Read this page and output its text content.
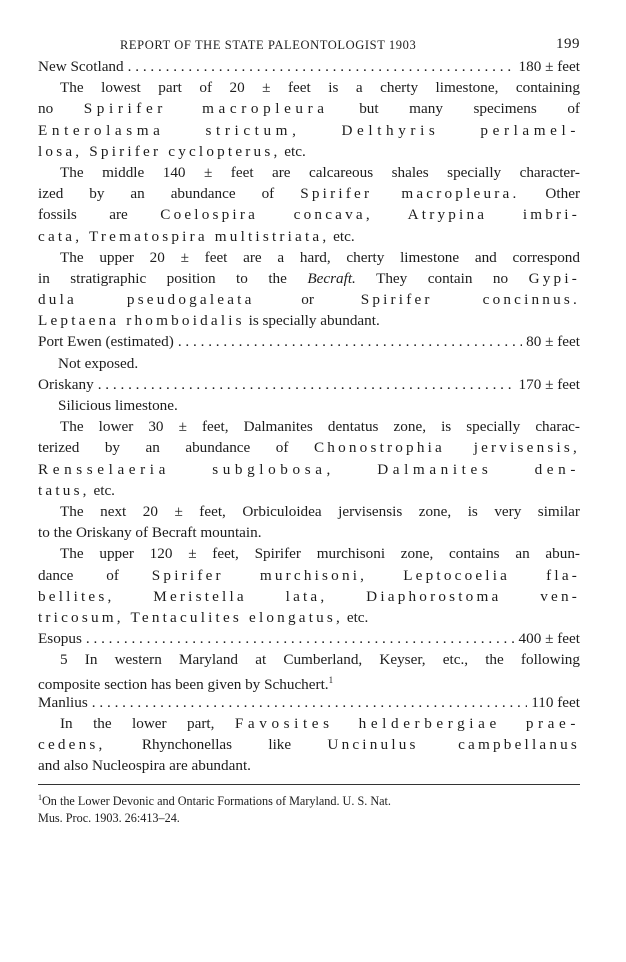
REPORT OF THE STATE PALEONTOLOGIST 1903	199
New Scotland . . .	180 ± feet
The lowest part of 20 ± feet is a cherty limestone, containing
no Spirifer macropleura but many specimens of
Enterolasma strictum, Delthyris perlamel-
losa, Spirifer cyclopterus, etc.
The middle 140 ± feet are calcareous shales specially character-
ized by an abundance of Spirifer macropleura. Other
fossils are Coelospira concava, Atrypina imbri-
cata, Trematospira multistriata, etc.
The upper 20 ± feet are a hard, cherty limestone and correspond
in stratigraphic position to the Becraft. They contain no Gypi-
dula pseudogaleata	or	Spirifer concinnus.
Leptaena rhomboidalis is specially abundant.
Port Ewen (estimated) . . .	80 ± feet
Not exposed.
Oriskany . . .	170 ± feet
Silicious limestone.
The lower 30 ± feet, Dalmanites dentatus zone, is specially charac-
terized by an abundance of Chonostrophia jervisensis,
Rensselaeria subglobosa, Dalmanites den-
tatus, etc.
The next 20 ± feet, Orbiculoidea jervisensis zone, is very similar
to the Oriskany of Becraft mountain.
The upper 120 ± feet, Spirifer murchisoni zone, contains an abun-
dance of Spirifer murchisoni, Leptocoelia fla-
bellites, Meristella lata, Diaphorostoma ven-
tricosum, Tentaculites elongatus, etc.
Esopus . . .	400 ± feet
5 In western Maryland at Cumberland, Keyser, etc., the following
composite section has been given by Schuchert.$^1$
Manlius . . .	110 feet
In the lower part, Favosites helderbergiae prae-
cedens, Rhynchonellas like Uncinulus campbellanus
and also Nucleospira are abundant.
$^1$On the Lower Devonic and Ontaric Formations of Maryland. U. S. Nat.
Mus. Proc. 1903. 26:413–24.
